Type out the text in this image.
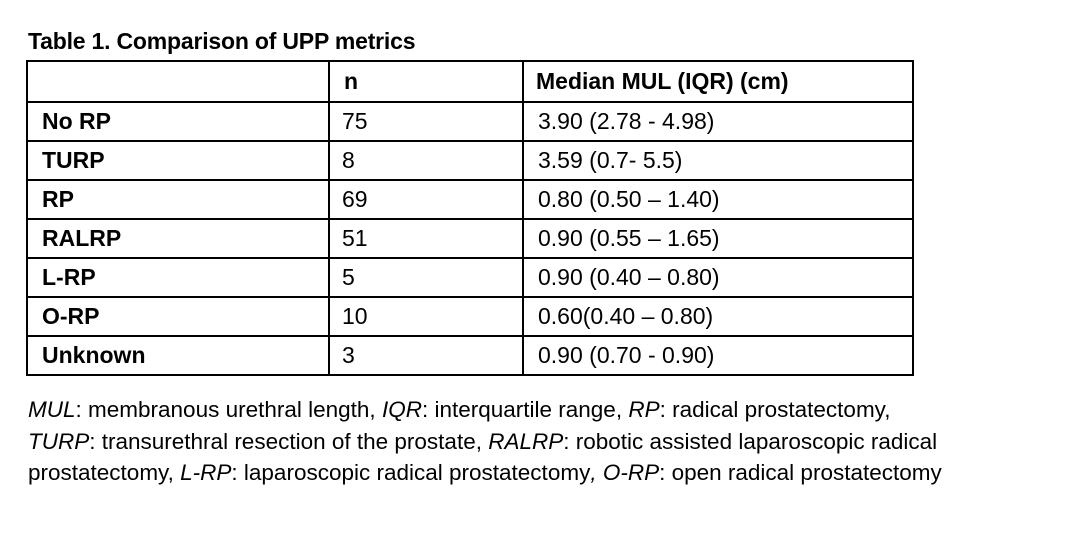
Table 1. Comparison of UPP metrics
	n	Median MUL (IQR) (cm)
No RP	75	3.90 (2.78 - 4.98)
TURP	8	3.59 (0.7- 5.5)
RP	69	0.80 (0.50 – 1.40)
RALRP	51	0.90 (0.55 – 1.65)
L-RP	5	0.90 (0.40 – 0.80)
O-RP	10	0.60(0.40 – 0.80)
Unknown	3	0.90 (0.70 - 0.90)
MUL: membranous urethral length, IQR: interquartile range, RP: radical prostatectomy,
TURP: transurethral resection of the prostate, RALRP: robotic assisted laparoscopic radical
prostatectomy, L-RP: laparoscopic radical prostatectomy, O-RP: open radical prostatectomy
